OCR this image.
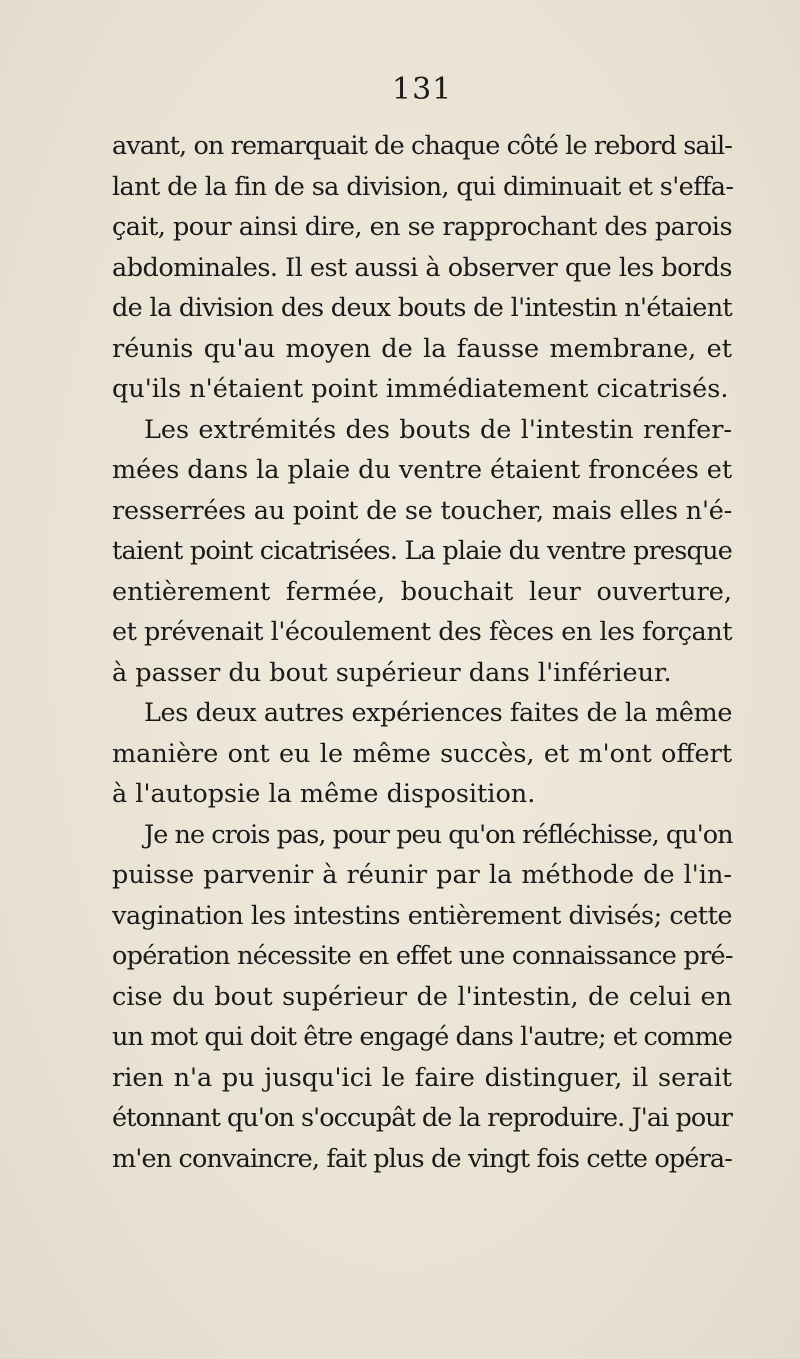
131
avant, on remarquait de chaque côté le rebord sail-
lant de la fin de sa division, qui diminuait et s'effa-
çait, pour ainsi dire, en se rapprochant des parois
abdominales. Il est aussi à observer que les bords
de la division des deux bouts de l'intestin n'étaient
réunis qu'au moyen de la fausse membrane, et
qu'ils n'étaient point immédiatement cicatrisés.
Les extrémités des bouts de l'intestin renfer-
mées dans la plaie du ventre étaient froncées et
resserrées au point de se toucher, mais elles n'é-
taient point cicatrisées. La plaie du ventre presque
entièrement fermée, bouchait leur ouverture,
et prévenait l'écoulement des fèces en les forçant
à passer du bout supérieur dans l'inférieur.
Les deux autres expériences faites de la même
manière ont eu le même succès, et m'ont offert
à l'autopsie la même disposition.
Je ne crois pas, pour peu qu'on réfléchisse, qu'on
puisse parvenir à réunir par la méthode de l'in-
vagination les intestins entièrement divisés; cette
opération nécessite en effet une connaissance pré-
cise du bout supérieur de l'intestin, de celui en
un mot qui doit être engagé dans l'autre; et comme
rien n'a pu jusqu'ici le faire distinguer, il serait
étonnant qu'on s'occupât de la reproduire. J'ai pour
m'en convaincre, fait plus de vingt fois cette opéra-
